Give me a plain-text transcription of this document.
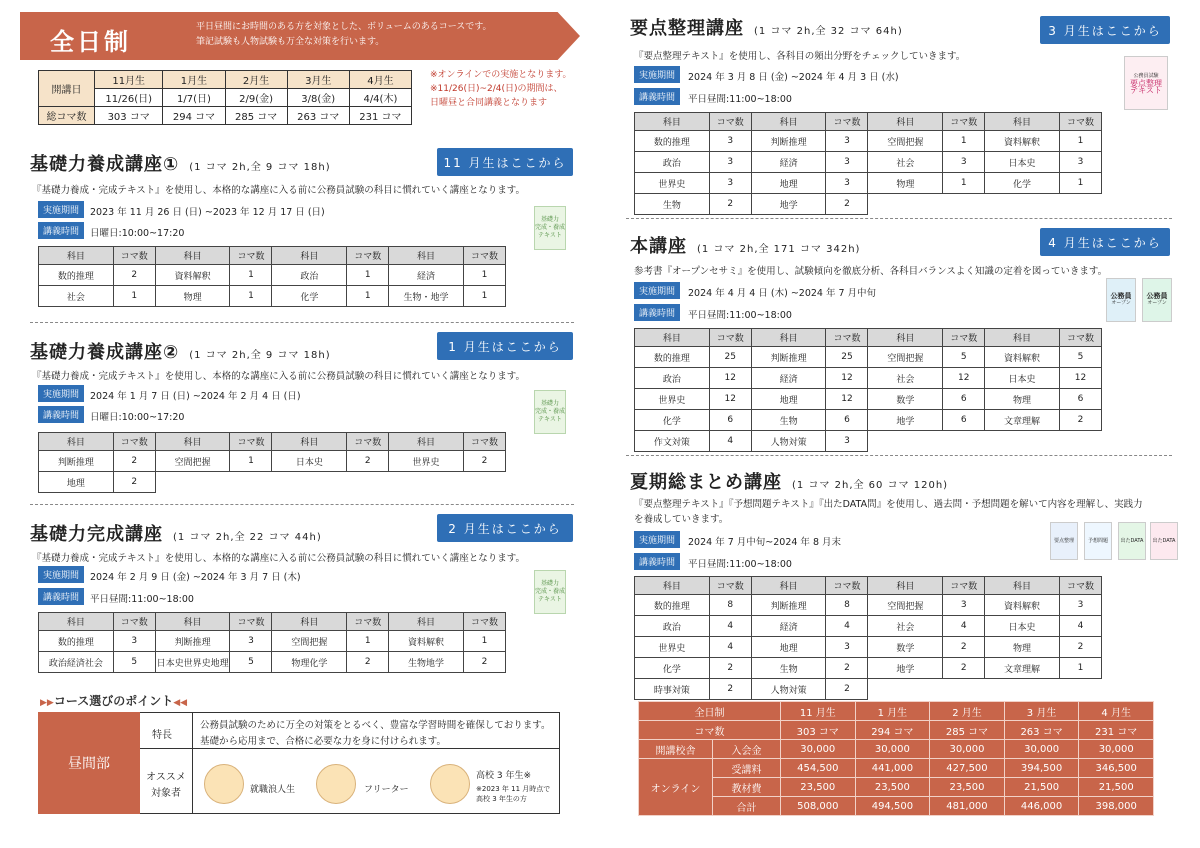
全日制
平日昼間にお時間のある方を対象とした、ボリュームのあるコースです。
筆記試験も人物試験も万全な対策を行います。
開講日	11月生	1月生	2月生	3月生	4月生
	11/26(日)	1/7(日)	2/9(金)	3/8(金)	4/4(木)
総コマ数	303 コマ	294 コマ	285 コマ	263 コマ	231 コマ
※オンラインでの実施となります。
※11/26(日)~2/4(日)の期間は、
日曜昼と合同講義となります
基礎力養成講座① (1 コマ 2h,全 9 コマ 18h)	11 月生はここから
『基礎力養成・完成テキスト』を使用し、本格的な講座に入る前に公務員試験の科目に慣れていく講座となります。
実施期間	2023 年 11 月 26 日 (日) ~2023 年 12 月 17 日 (日)
講義時間	日曜日:10:00~17:20
基礎力
完成・養成
テキスト
科目	コマ数	科目	コマ数	科目	コマ数	科目	コマ数
数的推理	2	資料解釈	1	政治	1	経済	1
社会	1	物理	1	化学	1	生物・地学	1
基礎力養成講座② (1 コマ 2h,全 9 コマ 18h)
1 月生はここから
『基礎力養成・完成テキスト』を使用し、本格的な講座に入る前に公務員試験の科目に慣れていく講座となります。
実施期間	2024 年 1 月 7 日 (日) ~2024 年 2 月 4 日 (日)
講義時間	日曜日:10:00~17:20
基礎力
完成・養成
テキスト
科目	コマ数	科目	コマ数	科目	コマ数	科目	コマ数
判断推理	2	空間把握	1	日本史	2	世界史	2
地理	2						
基礎力完成講座 (1 コマ 2h,全 22 コマ 44h)
2 月生はここから
『基礎力養成・完成テキスト』を使用し、本格的な講座に入る前に公務員試験の科目に慣れていく講座となります。
実施期間	2024 年 2 月 9 日 (金) ~2024 年 3 月 7 日 (木)
講義時間	平日昼間:11:00~18:00
基礎力
完成・養成
テキスト
科目	コマ数	科目	コマ数	科目	コマ数	科目	コマ数
数的推理	3	判断推理	3	空間把握	1	資料解釈	1
政治経済社会	5	日本史世界史地理	5	物理化学	2	生物地学	2
▶▶コース選びのポイント◀◀
昼間部
特長
公務員試験のために万全の対策をとるべく、豊富な学習時間を確保しております。
基礎から応用まで、合格に必要な力を身に付けられます。
オススメ
対象者	就職浪人生	フリーター
高校 3 年生※
※2023 年 11 月時点で
高校 3 年生の方
要点整理講座 (1 コマ 2h,全 32 コマ 64h)	3 月生はここから
『要点整理テキスト』を使用し、各科目の頻出分野をチェックしていきます。
実施期間	2024 年 3 月 8 日 (金) ~2024 年 4 月 3 日 (水)
講義時間	平日昼間:11:00~18:00
公務員試験
要点整理
テキスト
科目	コマ数	科目	コマ数	科目	コマ数	科目	コマ数
数的推理	3	判断推理	3	空間把握	1	資料解釈	1
政治	3	経済	3	社会	3	日本史	3
世界史	3	地理	3	物理	1	化学	1
生物	2	地学	2				
本講座 (1 コマ 2h,全 171 コマ 342h)	4 月生はここから
参考書『オープンセサミ』を使用し、試験傾向を徹底分析、各科目バランスよく知識の定着を図っていきます。
実施期間	2024 年 4 月 4 日 (木) ~2024 年 7 月中旬
講義時間	平日昼間:11:00~18:00
公務員
オープン
公務員
オープン
科目	コマ数	科目	コマ数	科目	コマ数	科目	コマ数
数的推理	25	判断推理	25	空間把握	5	資料解釈	5
政治	12	経済	12	社会	12	日本史	12
世界史	12	地理	12	数学	6	物理	6
化学	6	生物	6	地学	6	文章理解	2
作文対策	4	人物対策	3				
夏期総まとめ講座 (1 コマ 2h,全 60 コマ 120h)
『要点整理テキスト』『予想問題テキスト』『出たDATA問』を使用し、過去問・予想問題を解いて内容を理解し、実践力
を養成していきます。
実施期間	2024 年 7 月中旬~2024 年 8 月末
講義時間	平日昼間:11:00~18:00
要点整理	予想問題	出たDATA 出たDATA
科目	コマ数	科目	コマ数	科目	コマ数	科目	コマ数
数的推理	8	判断推理	8	空間把握	3	資料解釈	3
政治	4	経済	4	社会	4	日本史	4
世界史	4	地理	3	数学	2	物理	2
化学	2	生物	2	地学	2	文章理解	1
時事対策	2	人物対策	2				
全日制		11 月生	1 月生	2 月生	3 月生	4 月生
コマ数		303 コマ	294 コマ	285 コマ	263 コマ	231 コマ
開講校舎	入会金	30,000	30,000	30,000	30,000	30,000
オンライン	受講料	454,500	441,000	427,500	394,500	346,500
	教材費	23,500	23,500	23,500	21,500	21,500
	合計	508,000	494,500	481,000	446,000	398,000
